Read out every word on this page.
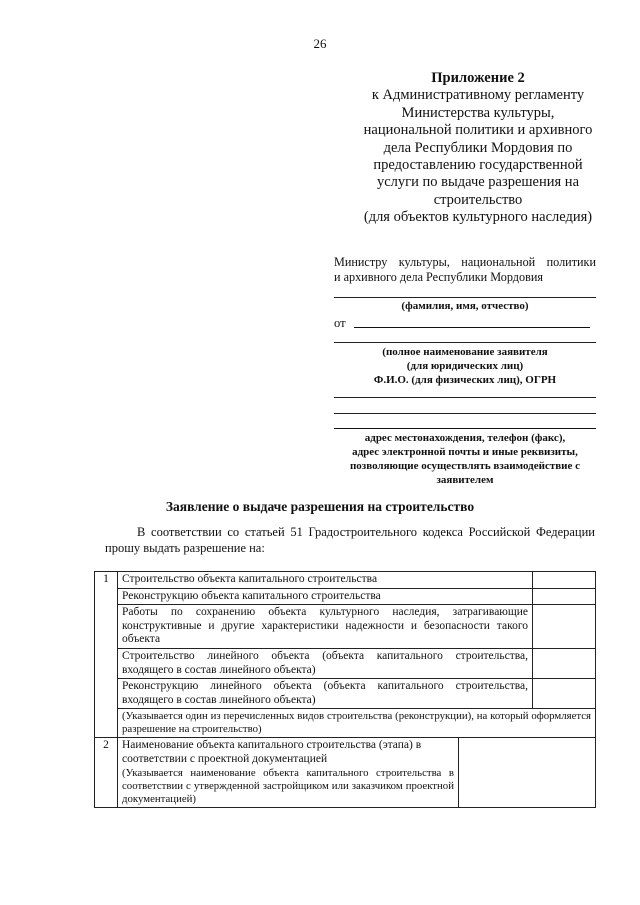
26
Приложение 2
к Административному регламенту
Министерства культуры,
национальной политики и архивного
дела Республики Мордовия по
предоставлению государственной
услуги по выдаче разрешения на
строительство
(для объектов культурного наследия)
Министру культуры, национальной политики
и архивного дела Республики Мордовия
(фамилия, имя, отчество)
от
(полное наименование заявителя
(для юридических лиц)
Ф.И.О. (для физических лиц), ОГРН
адрес местонахождения, телефон (факс),
адрес электронной почты и иные реквизиты,
позволяющие осуществлять взаимодейcтвие с
заявителем
Заявление о выдаче разрешения на строительство
В соответствии со статьей 51 Градостроительного кодекса Российской Федерации
прошу выдать разрешение на:
1	Строительство объекта капитального строительства	
Реконструкцию объекта капитального строительства	
Работы по сохранению объекта культурного наследия, затрагивающие конструктивные и другие характеристики надежности и безопасности такого объекта	
Строительство линейного объекта (объекта капитального строительства, входящего в состав линейного объекта)	
Реконструкцию линейного объекта (объекта капитального строительства, входящего в состав линейного объекта)	
(Указывается один из перечисленных видов строительства (реконструкции), на который оформляется разрешение на строительство)
2	Наименование объекта капитального строительства (этапа) в соответствии с проектной документацией
(Указывается наименование объекта капитального строительства в соответствии с утвержденной застройщиком или заказчиком проектной документацией)
